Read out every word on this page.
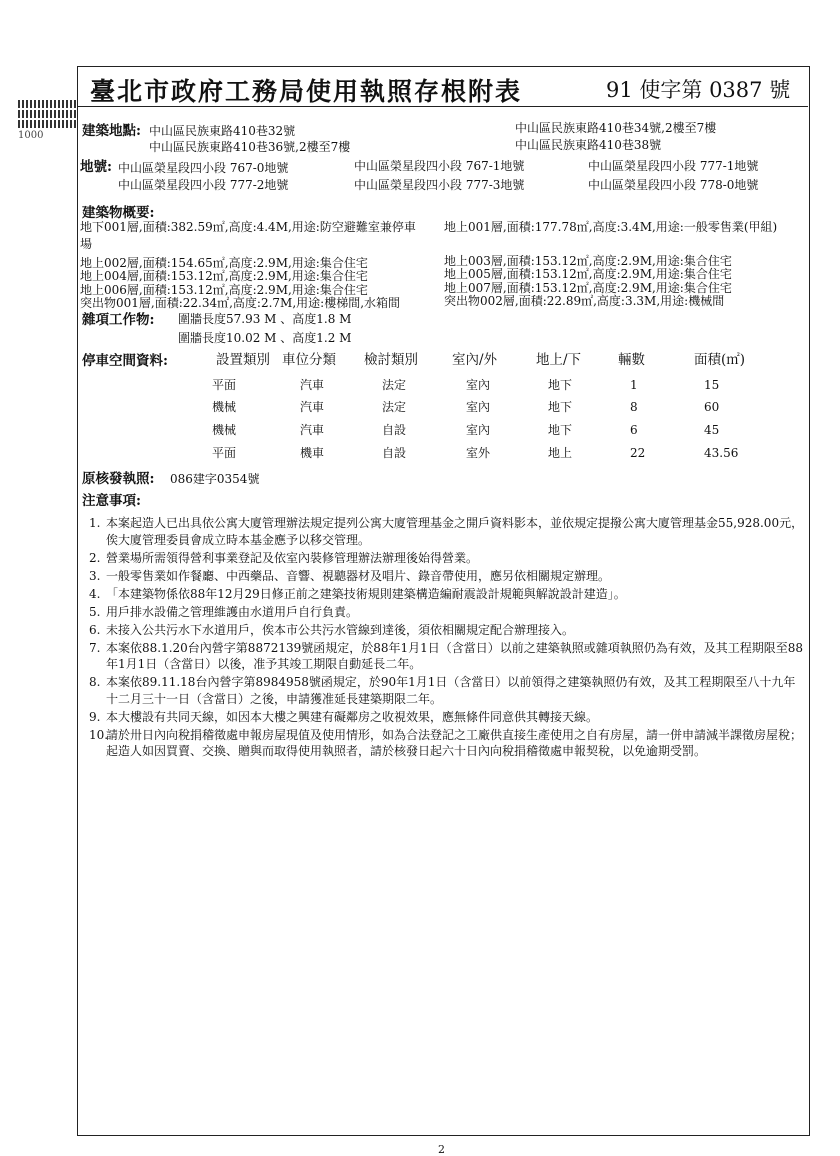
臺北市政府工務局使用執照存根附表	91 使字第 0387 號
1000	建築地點: 中山區民族東路410巷32號	中山區民族東路410巷34號,2樓至7樓
中山區民族東路410巷36號,2樓至7樓	中山區民族東路410巷38號
地號: 中山區榮星段四小段 767-0地號	中山區榮星段四小段 767-1地號	中山區榮星段四小段 777-1地號
中山區榮星段四小段 777-2地號	中山區榮星段四小段 777-3地號	中山區榮星段四小段 778-0地號
建築物概要:
地下001層,面積:382.59㎡,高度:4.4M,用途:防空避難室兼停車 地上001層,面積:177.78㎡,高度:3.4M,用途:一般零售業(甲組)
場
地上002層,面積:154.65㎡,高度:2.9M,用途:集合住宅	地上003層,面積:153.12㎡,高度:2.9M,用途:集合住宅
地上004層,面積:153.12㎡,高度:2.9M,用途:集合住宅	地上005層,面積:153.12㎡,高度:2.9M,用途:集合住宅
地上006層,面積:153.12㎡,高度:2.9M,用途:集合住宅	地上007層,面積:153.12㎡,高度:2.9M,用途:集合住宅
突出物001層,面積:22.34㎡,高度:2.7M,用途:樓梯間,水箱間	突出物002層,面積:22.89㎡,高度:3.3M,用途:機械間
雜項工作物: 圍牆長度57.93 M 、高度1.8 M
圍牆長度10.02 M 、高度1.2 M
停車空間資料:	設置類別 車位分類 檢討類別	室內/外	地上/下	輛數	面積(㎡)
平面	汽車	法定	室內	地下	1	15
機械	汽車	法定	室內	地下	8	60
機械	汽車	自設	室內	地下	6	45
平面	機車	自設	室外	地上	22	43.56
原核發執照: 086建字0354號
注意事項:
1. 本案起造人已出具依公寓大廈管理辦法規定提列公寓大廈管理基金之開戶資料影本，並依規定提撥公寓大廈管理基金55,928.00元，俟大廈管理委員會成立時本基金應予以移交管理。
2. 營業場所需領得營利事業登記及依室內裝修管理辦法辦理後始得營業。
3. 一般零售業如作餐廳、中西藥品、音響、視聽器材及唱片、錄音帶使用，應另依相關規定辦理。
4. 「本建築物係依88年12月29日修正前之建築技術規則建築構造編耐震設計規範與解說設計建造」。
5. 用戶排水設備之管理維護由水道用戶自行負責。
6. 未接入公共污水下水道用戶，俟本市公共污水管線到達後，須依相關規定配合辦理接入。
7. 本案依88.1.20台內營字第8872139號函規定，於88年1月1日（含當日）以前之建築執照或雜項執照仍為有效，及其工程期限至88年1月1日（含當日）以後，准予其竣工期限自動延長二年。
8. 本案依89.11.18台內營字第8984958號函規定，於90年1月1日（含當日）以前領得之建築執照仍有效，及其工程期限至八十九年十二月三十一日（含當日）之後，申請獲准延長建築期限二年。
9. 本大樓設有共同天線，如因本大樓之興建有礙鄰房之收視效果，應無條件同意供其轉接天線。
10.
請於卅日內向稅捐稽徵處申報房屋現值及使用情形，如為合法登記之工廠供直接生產使用之自有房屋，請一併申請減半課徵房屋稅；起造人如因買賣、交換、贈與而取得使用執照者，請於核發日起六十日內向稅捐稽徵處申報契稅，以免逾期受罰。
2
